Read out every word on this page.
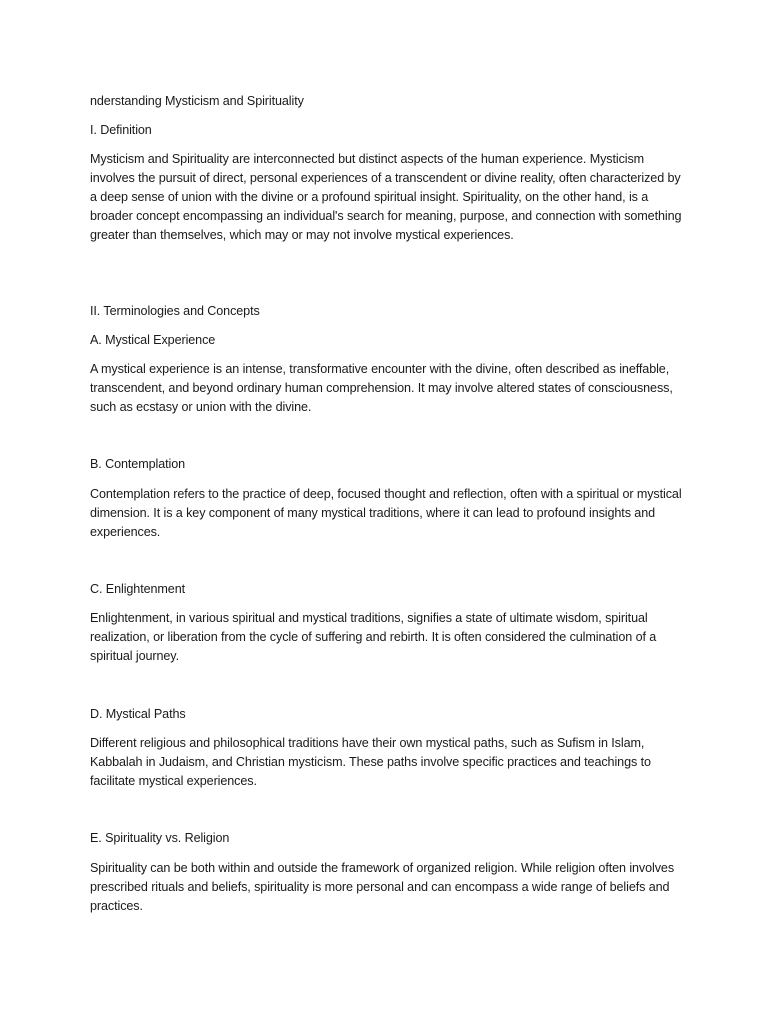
nderstanding Mysticism and Spirituality

I. Definition

Mysticism and Spirituality are interconnected but distinct aspects of the human experience. Mysticism involves the pursuit of direct, personal experiences of a transcendent or divine reality, often characterized by a deep sense of union with the divine or a profound spiritual insight. Spirituality, on the other hand, is a broader concept encompassing an individual's search for meaning, purpose, and connection with something greater than themselves, which may or may not involve mystical experiences.

II. Terminologies and Concepts

A. Mystical Experience

A mystical experience is an intense, transformative encounter with the divine, often described as ineffable, transcendent, and beyond ordinary human comprehension. It may involve altered states of consciousness, such as ecstasy or union with the divine.

B. Contemplation

Contemplation refers to the practice of deep, focused thought and reflection, often with a spiritual or mystical dimension. It is a key component of many mystical traditions, where it can lead to profound insights and experiences.

C. Enlightenment

Enlightenment, in various spiritual and mystical traditions, signifies a state of ultimate wisdom, spiritual realization, or liberation from the cycle of suffering and rebirth. It is often considered the culmination of a spiritual journey.

D. Mystical Paths

Different religious and philosophical traditions have their own mystical paths, such as Sufism in Islam, Kabbalah in Judaism, and Christian mysticism. These paths involve specific practices and teachings to facilitate mystical experiences.

E. Spirituality vs. Religion

Spirituality can be both within and outside the framework of organized religion. While religion often involves prescribed rituals and beliefs, spirituality is more personal and can encompass a wide range of beliefs and practices.
